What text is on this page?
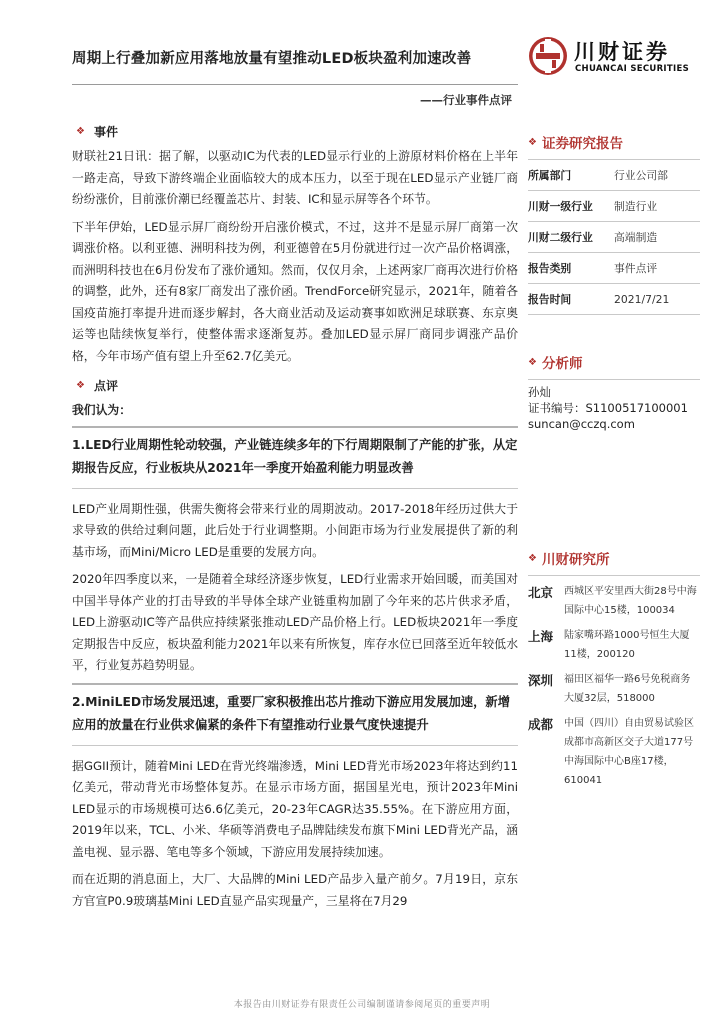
周期上行叠加新应用落地放量有望推动LED板块盈利加速改善	川财证券
CHUANCAI SECURITIES
——行业事件点评
❖ 事件

财联社21日讯：据了解，以驱动IC为代表的LED显示行业的上游原材料价格在上半年一路走高，导致下游终端企业面临较大的成本压力，以至于现在LED显示产业链厂商纷纷涨价，目前涨价潮已经覆盖芯片、封装、IC和显示屏等各个环节。

下半年伊始，LED显示屏厂商纷纷开启涨价模式，不过，这并不是显示屏厂商第一次调涨价格。以利亚德、洲明科技为例，利亚德曾在5月份就进行过一次产品价格调涨，而洲明科技也在6月份发布了涨价通知。然而，仅仅月余，上述两家厂商再次进行价格的调整，此外，还有8家厂商发出了涨价函。TrendForce研究显示，2021年，随着各国疫苗施打率提升进而逐步解封，各大商业活动及运动赛事如欧洲足球联赛、东京奥运等也陆续恢复举行，使整体需求逐渐复苏。叠加LED显示屏厂商同步调涨产品价格，今年市场产值有望上升至62.7亿美元。

❖ 点评

我们认为：

1.LED行业周期性轮动较强，产业链连续多年的下行周期限制了产能的扩张，从定期报告反应，行业板块从2021年一季度开始盈利能力明显改善

LED产业周期性强，供需失衡将会带来行业的周期波动。2017-2018年经历过供大于求导致的供给过剩问题，此后处于行业调整期。小间距市场为行业发展提供了新的利基市场，而Mini/Micro LED是重要的发展方向。

2020年四季度以来，一是随着全球经济逐步恢复，LED行业需求开始回暖，而美国对中国半导体产业的打击导致的半导体全球产业链重构加剧了今年来的芯片供求矛盾，LED上游驱动IC等产品供应持续紧张推动LED产品价格上行。LED板块2021年一季度定期报告中反应，板块盈利能力2021年以来有所恢复，库存水位已回落至近年较低水平，行业复苏趋势明显。

2.MiniLED市场发展迅速，重要厂家积极推出芯片推动下游应用发展加速，新增应用的放量在行业供求偏紧的条件下有望推动行业景气度快速提升

据GGII预计，随着Mini LED在背光终端渗透，Mini LED背光市场2023年将达到约11亿美元，带动背光市场整体复苏。在显示市场方面，据国星光电，预计2023年Mini LED显示的市场规模可达6.6亿美元，20-23年CAGR达35.55%。在下游应用方面，2019年以来，TCL、小米、华硕等消费电子品牌陆续发布旗下Mini LED背光产品，涵盖电视、显示器、笔电等多个领域，下游应用发展持续加速。

而在近期的消息面上，大厂、大品牌的Mini LED产品步入量产前夕。7月19日，京东方官宣P0.9玻璃基Mini LED直显产品实现量产，三星将在7月29

❖ 证券研究报告
所属部门	行业公司部
川财一级行业	制造行业
川财二级行业	高端制造
报告类别	事件点评
报告时间	2021/7/21
❖ 分析师
孙灿
证书编号：S1100517100001
suncan@cczq.com
❖ 川财研究所
北京	西城区平安里西大街28号中海国际中心15楼，100034
上海	陆家嘴环路1000号恒生大厦11楼，200120
深圳	福田区福华一路6号免税商务大厦32层，518000
成都	中国（四川）自由贸易试验区成都市高新区交子大道177号中海国际中心B座17楼，610041
本报告由川财证券有限责任公司编制谨请参阅尾页的重要声明
